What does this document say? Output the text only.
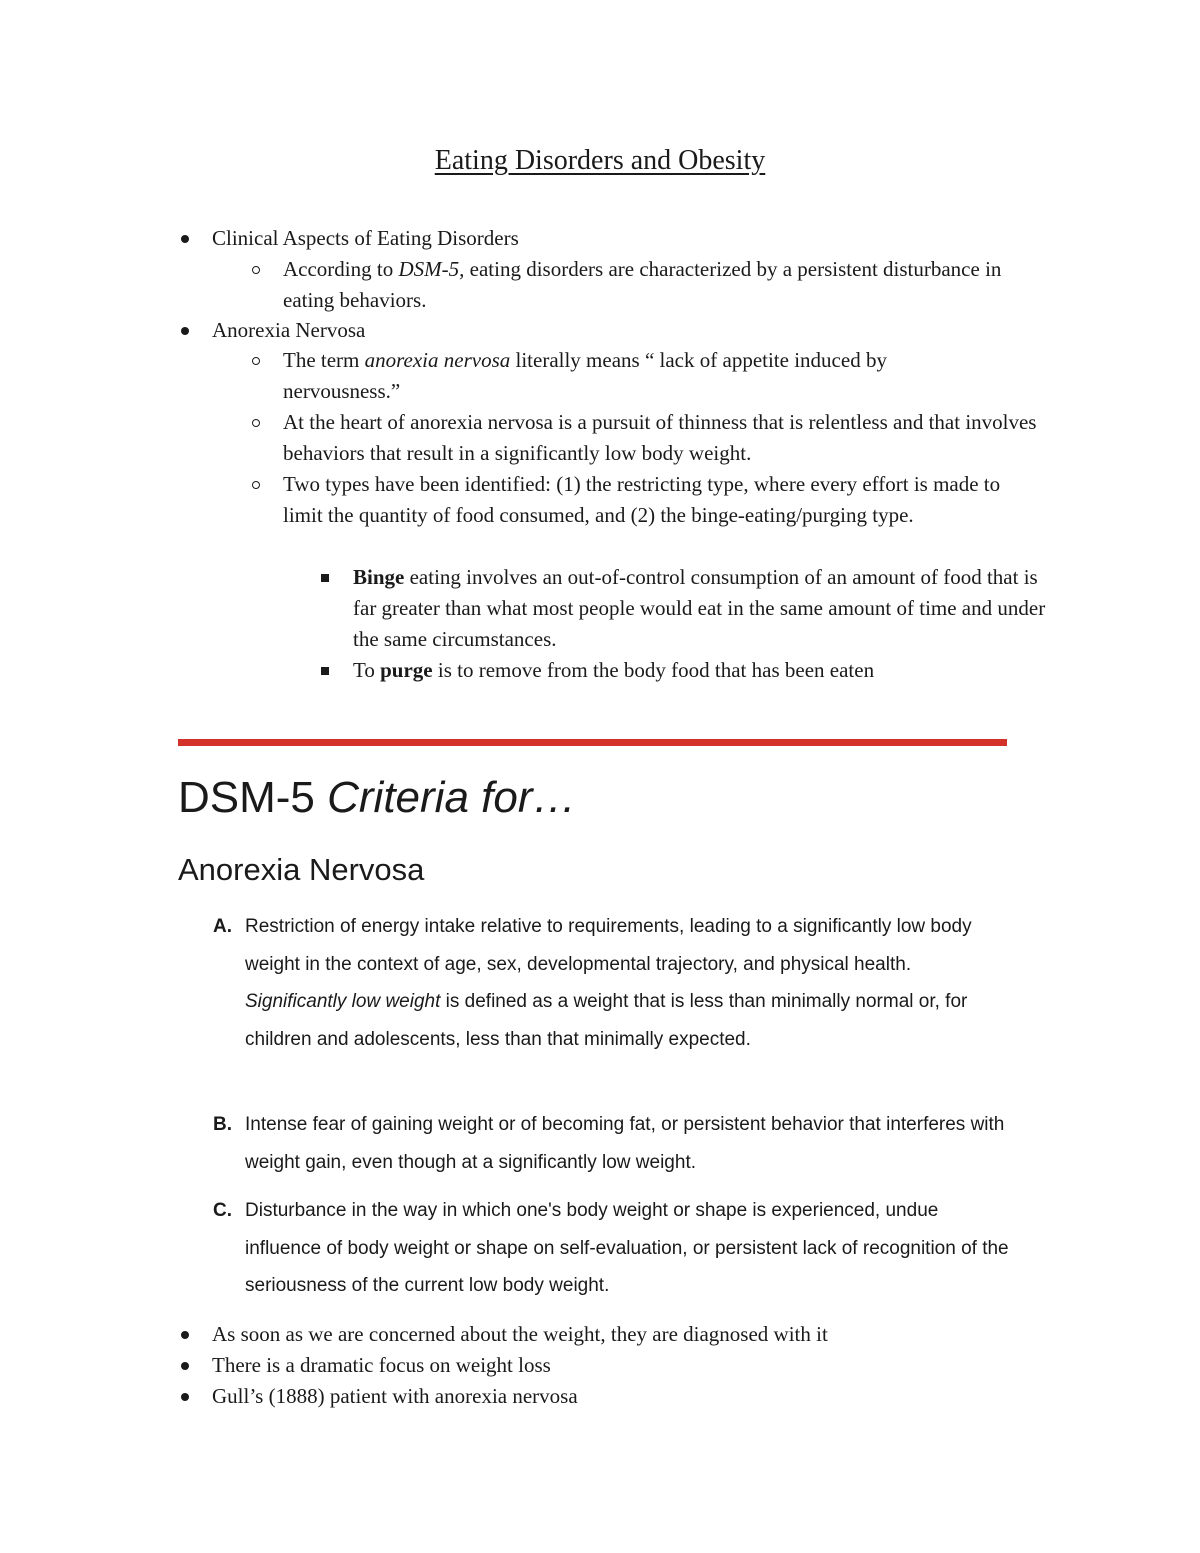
Eating Disorders and Obesity
Clinical Aspects of Eating Disorders
According to DSM-5, eating disorders are characterized by a persistent disturbance in eating behaviors.
Anorexia Nervosa
The term anorexia nervosa literally means “ lack of appetite induced by nervousness.”
At the heart of anorexia nervosa is a pursuit of thinness that is relentless and that involves behaviors that result in a significantly low body weight.
Two types have been identified: (1) the restricting type, where every effort is made to limit the quantity of food consumed, and (2) the binge-eating/purging type.
Binge eating involves an out-of-control consumption of an amount of food that is far greater than what most people would eat in the same amount of time and under the same circumstances.
To purge is to remove from the body food that has been eaten
DSM-5 Criteria for…
Anorexia Nervosa
A. Restriction of energy intake relative to requirements, leading to a significantly low body weight in the context of age, sex, developmental trajectory, and physical health. Significantly low weight is defined as a weight that is less than minimally normal or, for children and adolescents, less than that minimally expected.
B. Intense fear of gaining weight or of becoming fat, or persistent behavior that interferes with weight gain, even though at a significantly low weight.
C. Disturbance in the way in which one's body weight or shape is experienced, undue influence of body weight or shape on self-evaluation, or persistent lack of recognition of the seriousness of the current low body weight.
As soon as we are concerned about the weight, they are diagnosed with it
There is a dramatic focus on weight loss
Gull’s (1888) patient with anorexia nervosa
